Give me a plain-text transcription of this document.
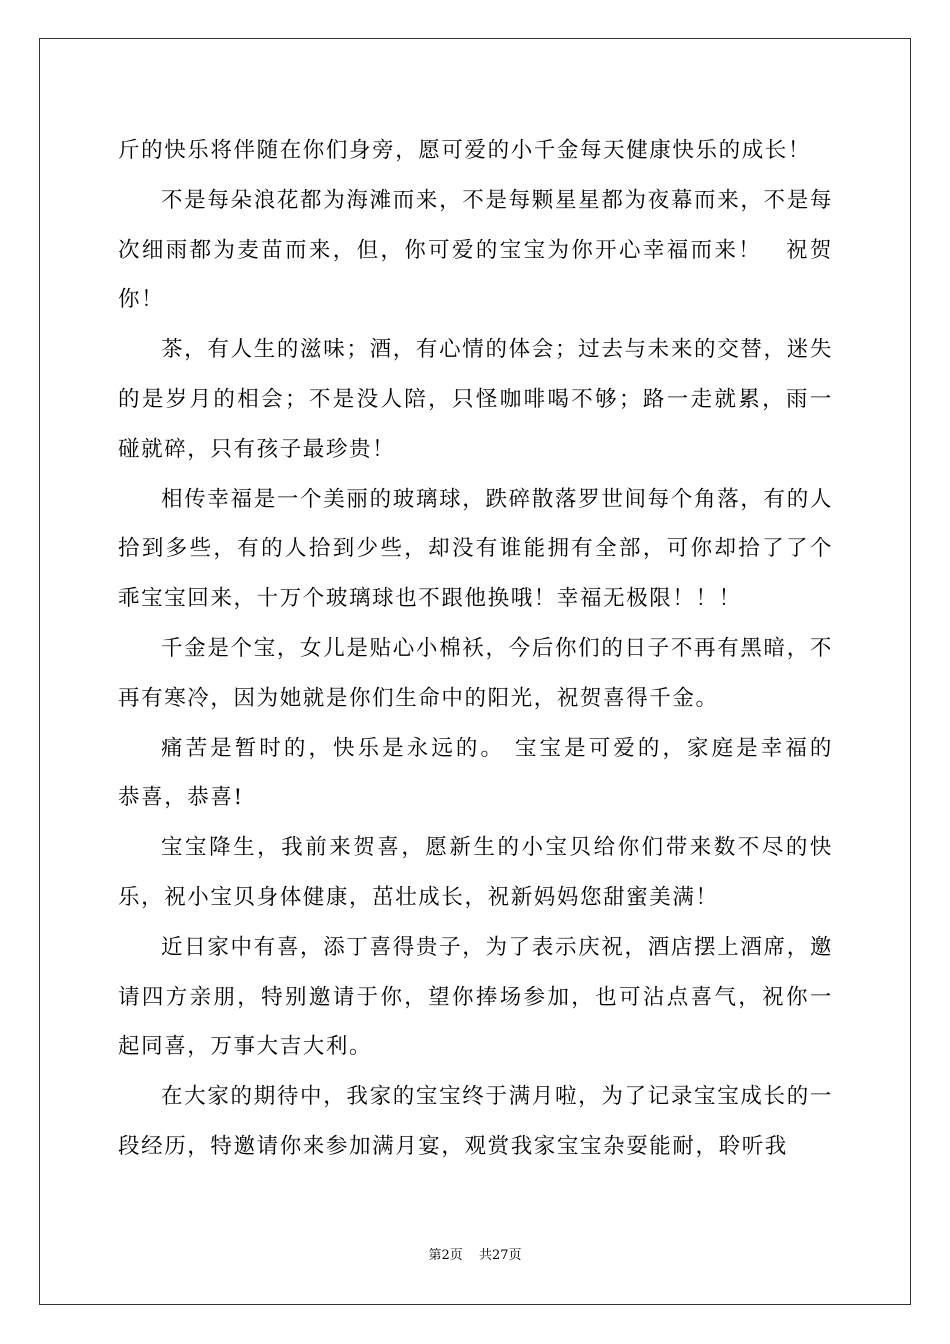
斤的快乐将伴随在你们身旁，愿可爱的小千金每天健康快乐的成长！

不是每朵浪花都为海滩而来，不是每颗星星都为夜幕而来，不是每次细雨都为麦苗而来，但，你可爱的宝宝为你开心幸福而来！　祝贺你！

茶，有人生的滋味；酒，有心情的体会；过去与未来的交替，迷失的是岁月的相会；不是没人陪，只怪咖啡喝不够；路一走就累，雨一碰就碎，只有孩子最珍贵！

相传幸福是一个美丽的玻璃球，跌碎散落罗世间每个角落，有的人拾到多些，有的人拾到少些，却没有谁能拥有全部，可你却拾了了个乖宝宝回来，十万个玻璃球也不跟他换哦！幸福无极限！！！

千金是个宝，女儿是贴心小棉袄，今后你们的日子不再有黑暗，不再有寒冷，因为她就是你们生命中的阳光，祝贺喜得千金。

痛苦是暂时的，快乐是永远的。 宝宝是可爱的，家庭是幸福的　恭喜，恭喜!

宝宝降生，我前来贺喜，愿新生的小宝贝给你们带来数不尽的快乐，祝小宝贝身体健康，茁壮成长，祝新妈妈您甜蜜美满！

近日家中有喜，添丁喜得贵子，为了表示庆祝，酒店摆上酒席，邀请四方亲朋，特别邀请于你，望你捧场参加，也可沾点喜气，祝你一起同喜，万事大吉大利。

在大家的期待中，我家的宝宝终于满月啦，为了记录宝宝成长的一段经历，特邀请你来参加满月宴，观赏我家宝宝杂耍能耐，聆听我

第2页 共27页
